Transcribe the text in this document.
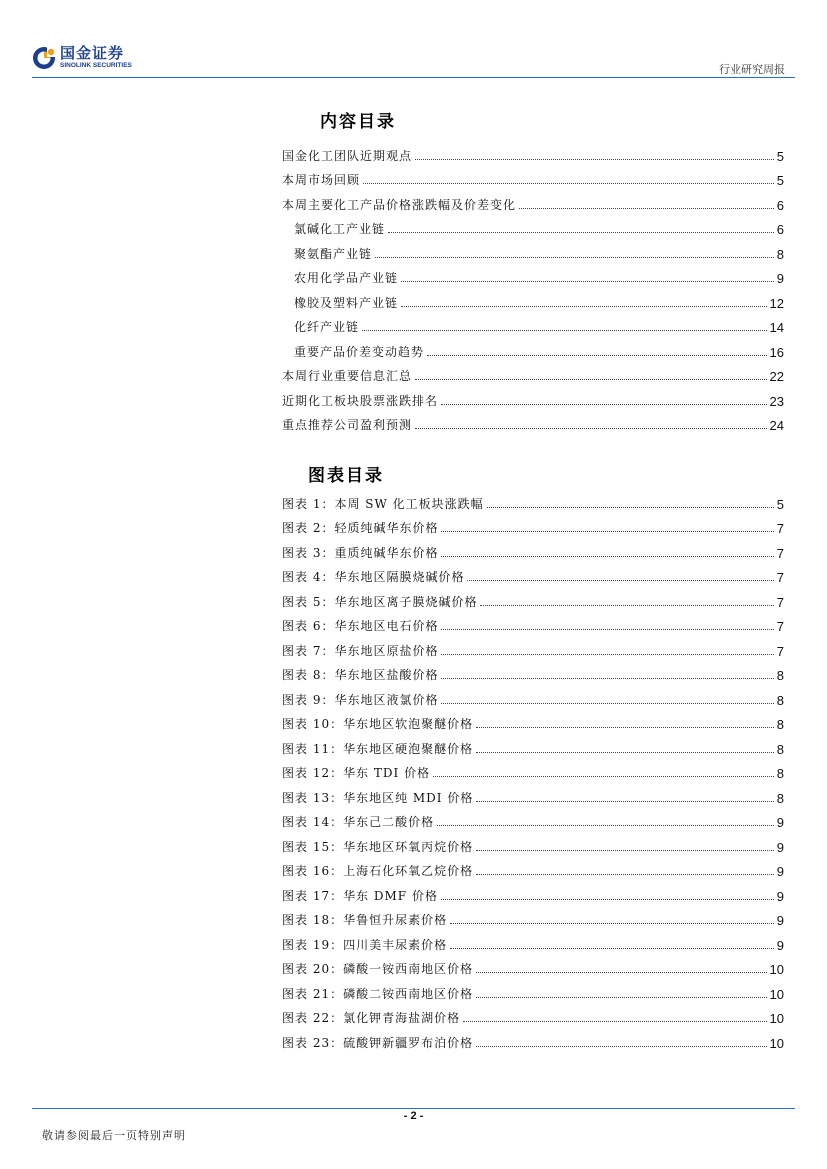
国金证券
SINOLINK SECURITIES	行业研究周报
内容目录
国金化工团队近期观点	5
本周市场回顾	5
本周主要化工产品价格涨跌幅及价差变化	6
氯碱化工产业链	6
聚氨酯产业链	8
农用化学品产业链	9
橡胶及塑料产业链	12
化纤产业链	14
重要产品价差变动趋势	16
本周行业重要信息汇总	22
近期化工板块股票涨跌排名	23
重点推荐公司盈利预测	24
图表目录
图表 1：本周 SW 化工板块涨跌幅	5
图表 2：轻质纯碱华东价格	7
图表 3：重质纯碱华东价格	7
图表 4：华东地区隔膜烧碱价格	7
图表 5：华东地区离子膜烧碱价格	7
图表 6：华东地区电石价格	7
图表 7：华东地区原盐价格	7
图表 8：华东地区盐酸价格	8
图表 9：华东地区液氯价格	8
图表 10：华东地区软泡聚醚价格	8
图表 11：华东地区硬泡聚醚价格	8
图表 12：华东 TDI 价格	8
图表 13：华东地区纯 MDI 价格	8
图表 14：华东己二酸价格	9
图表 15：华东地区环氧丙烷价格	9
图表 16：上海石化环氧乙烷价格	9
图表 17：华东 DMF 价格	9
图表 18：华鲁恒升尿素价格	9
图表 19：四川美丰尿素价格	9
图表 20：磷酸一铵西南地区价格	10
图表 21：磷酸二铵西南地区价格	10
图表 22：氯化钾青海盐湖价格	10
图表 23：硫酸钾新疆罗布泊价格	10
- 2 -
敬请参阅最后一页特别声明
